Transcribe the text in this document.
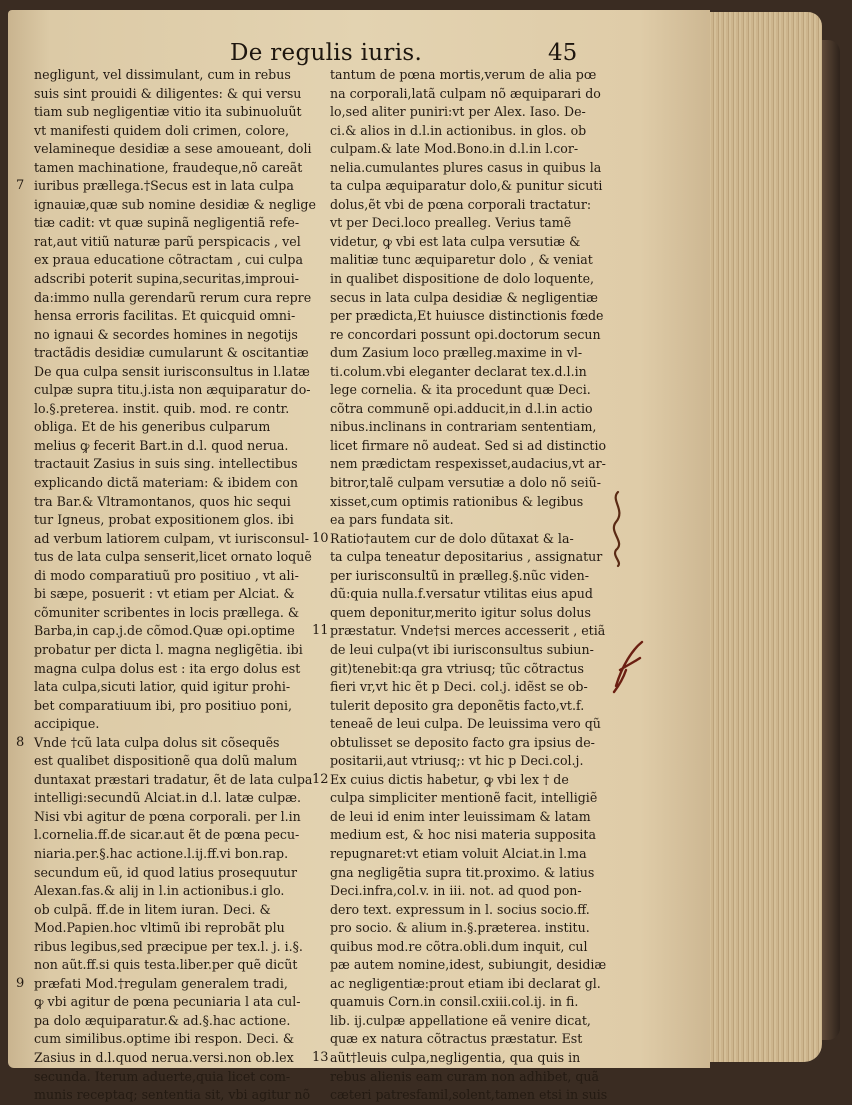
De regulis iuris.	45
negligunt, vel dissimulant, cum in rebus
suis sint prouidi & diligentes: & qui versu
tiam sub negligentiæ vitio ita subinuoluũt
vt manifesti quidem doli crimen, colore,
velamineque desidiæ a sese amoueant, doli
tamen machinatione, fraudeque,nõ careãt
7 iuribus prællega.†Secus est in lata culpa
ignauiæ,quæ sub nomine desidiæ & neglige
tiæ cadit: vt quæ supinã negligentiã refe-
rat,aut vitiũ naturæ parũ perspicacis , vel
ex praua educatione cõtractam , cui culpa
adscribi poterit supina,securitas,improui-
da:immo nulla gerendarũ rerum cura repre
hensa erroris facilitas. Et quicquid omni-
no ignaui & secordes homines in negotijs
tractãdis desidiæ cumularunt & oscitantiæ
De qua culpa sensit iurisconsultus in l.latæ
culpæ supra titu.j.ista non æquiparatur do-
lo.§.preterea. instit. quib. mod. re contr.
obliga. Et de his generibus culparum
melius ꝙ fecerit Bart.in d.l. quod nerua.
tractauit Zasius in suis sing. intellectibus
explicando dictã materiam: & ibidem con
tra Bar.& Vltramontanos, quos hic sequi
tur Igneus, probat expositionem glos. ibi
ad verbum latiorem culpam, vt iurisconsul-
tus de lata culpa senserit,licet ornato loquẽ
di modo comparatiuũ pro positiuo , vt ali-
bi sæpe, posuerit : vt etiam per Alciat. &
cõmuniter scribentes in locis prællega. &
Barba,in cap.j.de cõmod.Quæ opi.optime
probatur per dicta l. magna negligẽtia. ibi
magna culpa dolus est : ita ergo dolus est
lata culpa,sicuti latior, quid igitur prohi-
bet comparatiuum ibi, pro positiuo poni,
accipique.
8 Vnde †cũ lata culpa dolus sit cõsequẽs
est qualibet dispositionẽ qua dolũ malum
duntaxat præstari tradatur, ẽt de lata culpa
intelligi:secundũ Alciat.in d.l. latæ culpæ.
Nisi vbi agitur de pœna corporali. per l.in
l.cornelia.ff.de sicar.aut ẽt de pœna pecu-
niaria.per.§.hac actione.l.ij.ff.vi bon.rap.
secundum eũ, id quod latius prosequutur
Alexan.fas.& alij in l.in actionibus.i glo.
ob culpã. ff.de in litem iuran. Deci. &
Mod.Papien.hoc vltimũ ibi reprobãt plu
ribus legibus,sed præcipue per tex.l. j. i.§.
non aũt.ff.si quis testa.liber.per quẽ dicũt
9 præfati Mod.†regulam generalem tradi,
ꝙ vbi agitur de pœna pecuniaria l ata cul-
pa dolo æquiparatur.& ad.§.hac actione.
cum similibus.optime ibi respon. Deci. &
Zasius in d.l.quod nerua.versi.non ob.lex
secunda. Iterum aduerte,quia licet com-
munis receptaq; sententia sit, vbi agitur nõ
tantum de pœna mortis,verum de alia pœ
na corporali,latã culpam nõ æquiparari do
lo,sed aliter puniri:vt per Alex. Iaso. De-
ci.& alios in d.l.in actionibus. in glos. ob
culpam.& late Mod.Bono.in d.l.in l.cor-
nelia.cumulantes plures casus in quibus la
ta culpa æquiparatur dolo,& punitur sicuti
dolus,ẽt vbi de pœna corporali tractatur:
vt per Deci.loco prealleg. Verius tamẽ
videtur, ꝙ vbi est lata culpa versutiæ &
malitiæ tunc æquiparetur dolo , & veniat
in qualibet dispositione de dolo loquente,
secus in lata culpa desidiæ & negligentiæ
per prædicta,Et huiusce distinctionis fœde
re concordari possunt opi.doctorum secun
dum Zasium loco prælleg.maxime in vl-
ti.colum.vbi eleganter declarat tex.d.l.in
lege cornelia. & ita procedunt quæ Deci.
cõtra communẽ opi.adducit,in d.l.in actio
nibus.inclinans in contrariam sententiam,
licet firmare nõ audeat. Sed si ad distinctio
nem prædictam respexisset,audacius,vt ar-
bitror,talẽ culpam versutiæ a dolo nõ seiũ-
xisset,cum optimis rationibus & legibus
ea pars fundata sit.
10 Ratio†autem cur de dolo dũtaxat & la-
ta culpa teneatur depositarius , assignatur
per iurisconsultũ in prælleg.§.nũc viden-
dũ:quia nulla.f.versatur vtilitas eius apud
quem deponitur,merito igitur solus dolus
11 præstatur. Vnde†si merces accesserit , etiã
de leui culpa(vt ibi iurisconsultus subiun-
git)tenebit:qa gra vtriusq; tũc cõtractus
fieri vr,vt hic ẽt p Deci. col.j. idẽst se ob-
tulerit deposito gra deponẽtis facto,vt.f.
teneaẽ de leui culpa. De leuissima vero qũ
obtulisset se deposito facto gra ipsius de-
positarii,aut vtriusq;: vt hic p Deci.col.j.
12 Ex cuius dictis habetur, ꝙ vbi lex † de
culpa simpliciter mentionẽ facit, intelligiẽ
de leui id enim inter leuissimam & latam
medium est, & hoc nisi materia supposita
repugnaret:vt etiam voluit Alciat.in l.ma
gna negligẽtia supra tit.proximo. & latius
Deci.infra,col.v. in iii. not. ad quod pon-
dero text. expressum in l. socius socio.ff.
pro socio. & alium in.§.præterea. institu.
quibus mod.re cõtra.obli.dum inquit, cul
pæ autem nomine,idest, subiungit, desidiæ
ac negligentiæ:prout etiam ibi declarat gl.
quamuis Corn.in consil.cxiii.col.ij. in fi.
lib. ij.culpæ appellatione eã venire dicat,
quæ ex natura cõtractus præstatur. Est
13 aũt†leuis culpa,negligentia, qua quis in
rebus alienis eam curam non adhibet, quã
cæteri patresfamil,solent,tamen etsi in suis
